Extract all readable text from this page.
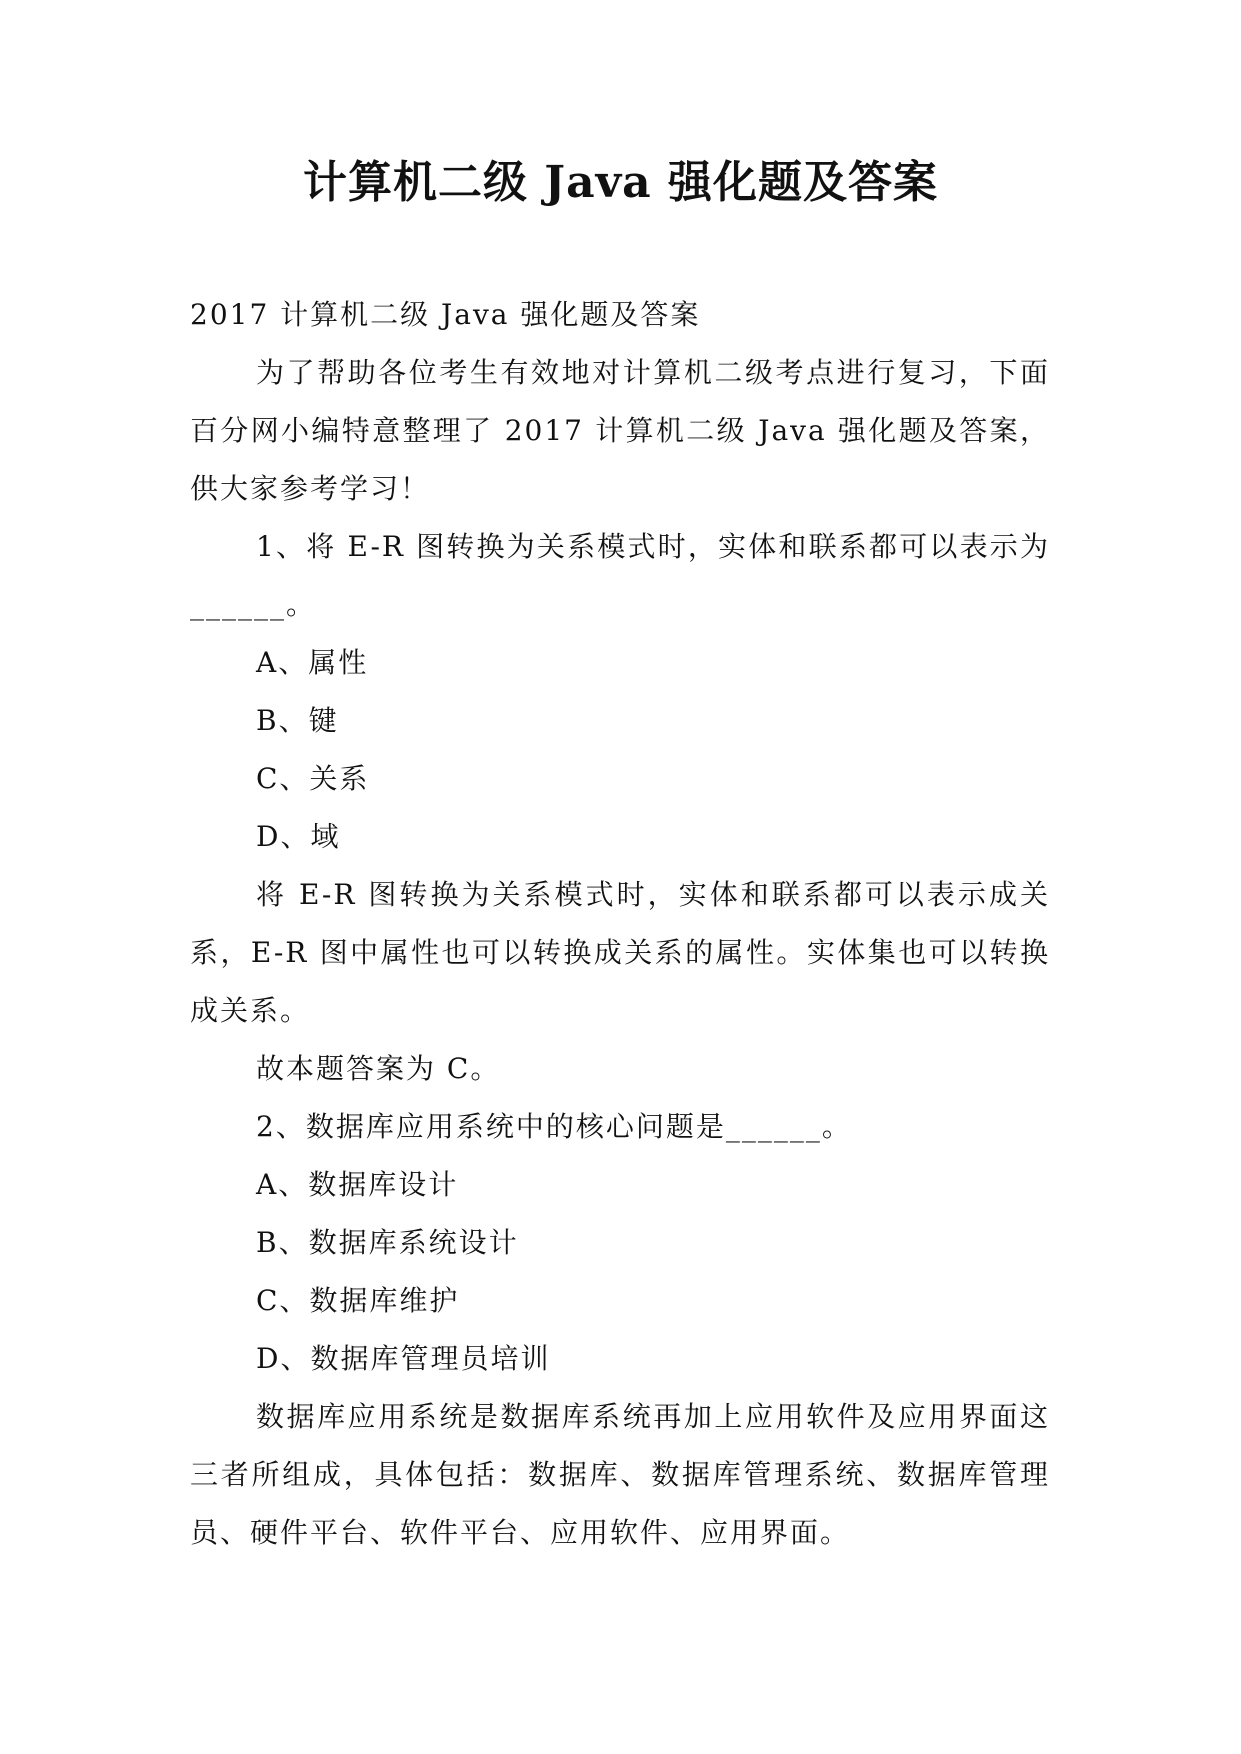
计算机二级 Java 强化题及答案

2017 计算机二级 Java 强化题及答案

为了帮助各位考生有效地对计算机二级考点进行复习，下面百分网小编特意整理了 2017 计算机二级 Java 强化题及答案，供大家参考学习！

1、将 E-R 图转换为关系模式时，实体和联系都可以表示为______。

A、属性

B、键

C、关系

D、域

将 E-R 图转换为关系模式时，实体和联系都可以表示成关系，E-R 图中属性也可以转换成关系的属性。实体集也可以转换成关系。

故本题答案为 C。

2、数据库应用系统中的核心问题是______。

A、数据库设计

B、数据库系统设计

C、数据库维护

D、数据库管理员培训

数据库应用系统是数据库系统再加上应用软件及应用界面这三者所组成，具体包括：数据库、数据库管理系统、数据库管理员、硬件平台、软件平台、应用软件、应用界面。
